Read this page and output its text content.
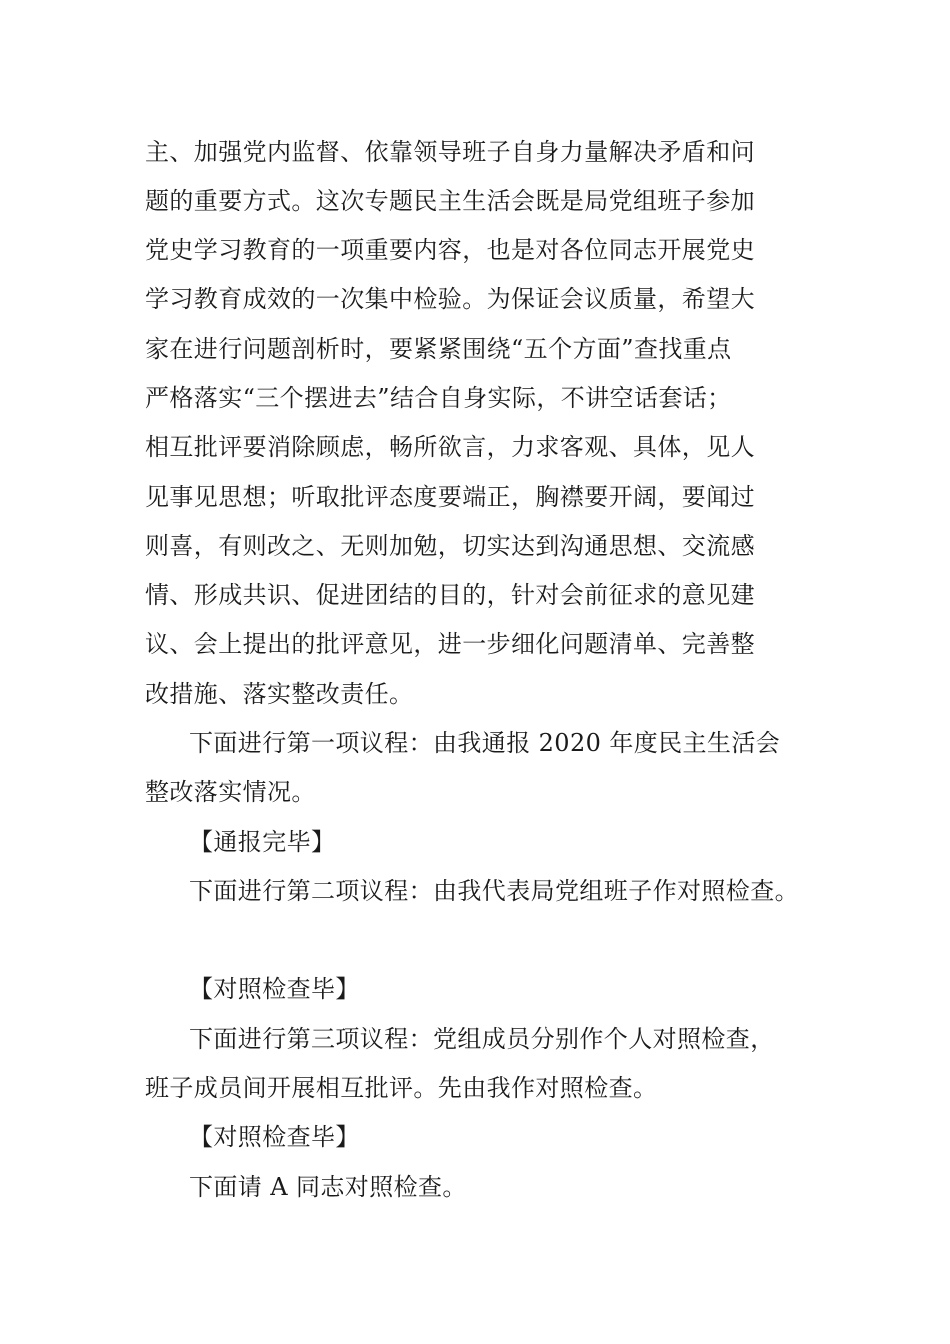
主、加强党内监督、依靠领导班子自身力量解决矛盾和问
题的重要方式。这次专题民主生活会既是局党组班子参加
党史学习教育的一项重要内容，也是对各位同志开展党史
学习教育成效的一次集中检验。为保证会议质量，希望大
家在进行问题剖析时，要紧紧围绕“五个方面”查找重点
严格落实“三个摆进去”结合自身实际，不讲空话套话；
相互批评要消除顾虑，畅所欲言，力求客观、具体，见人
见事见思想；听取批评态度要端正，胸襟要开阔，要闻过
则喜，有则改之、无则加勉，切实达到沟通思想、交流感
情、形成共识、促进团结的目的，针对会前征求的意见建
议、会上提出的批评意见，进一步细化问题清单、完善整
改措施、落实整改责任。
下面进行第一项议程：由我通报 2020 年度民主生活会
整改落实情况。
【通报完毕】
下面进行第二项议程：由我代表局党组班子作对照检查。
【对照检查毕】
下面进行第三项议程：党组成员分别作个人对照检查，
班子成员间开展相互批评。先由我作对照检查。
【对照检查毕】
下面请 A 同志对照检查。
